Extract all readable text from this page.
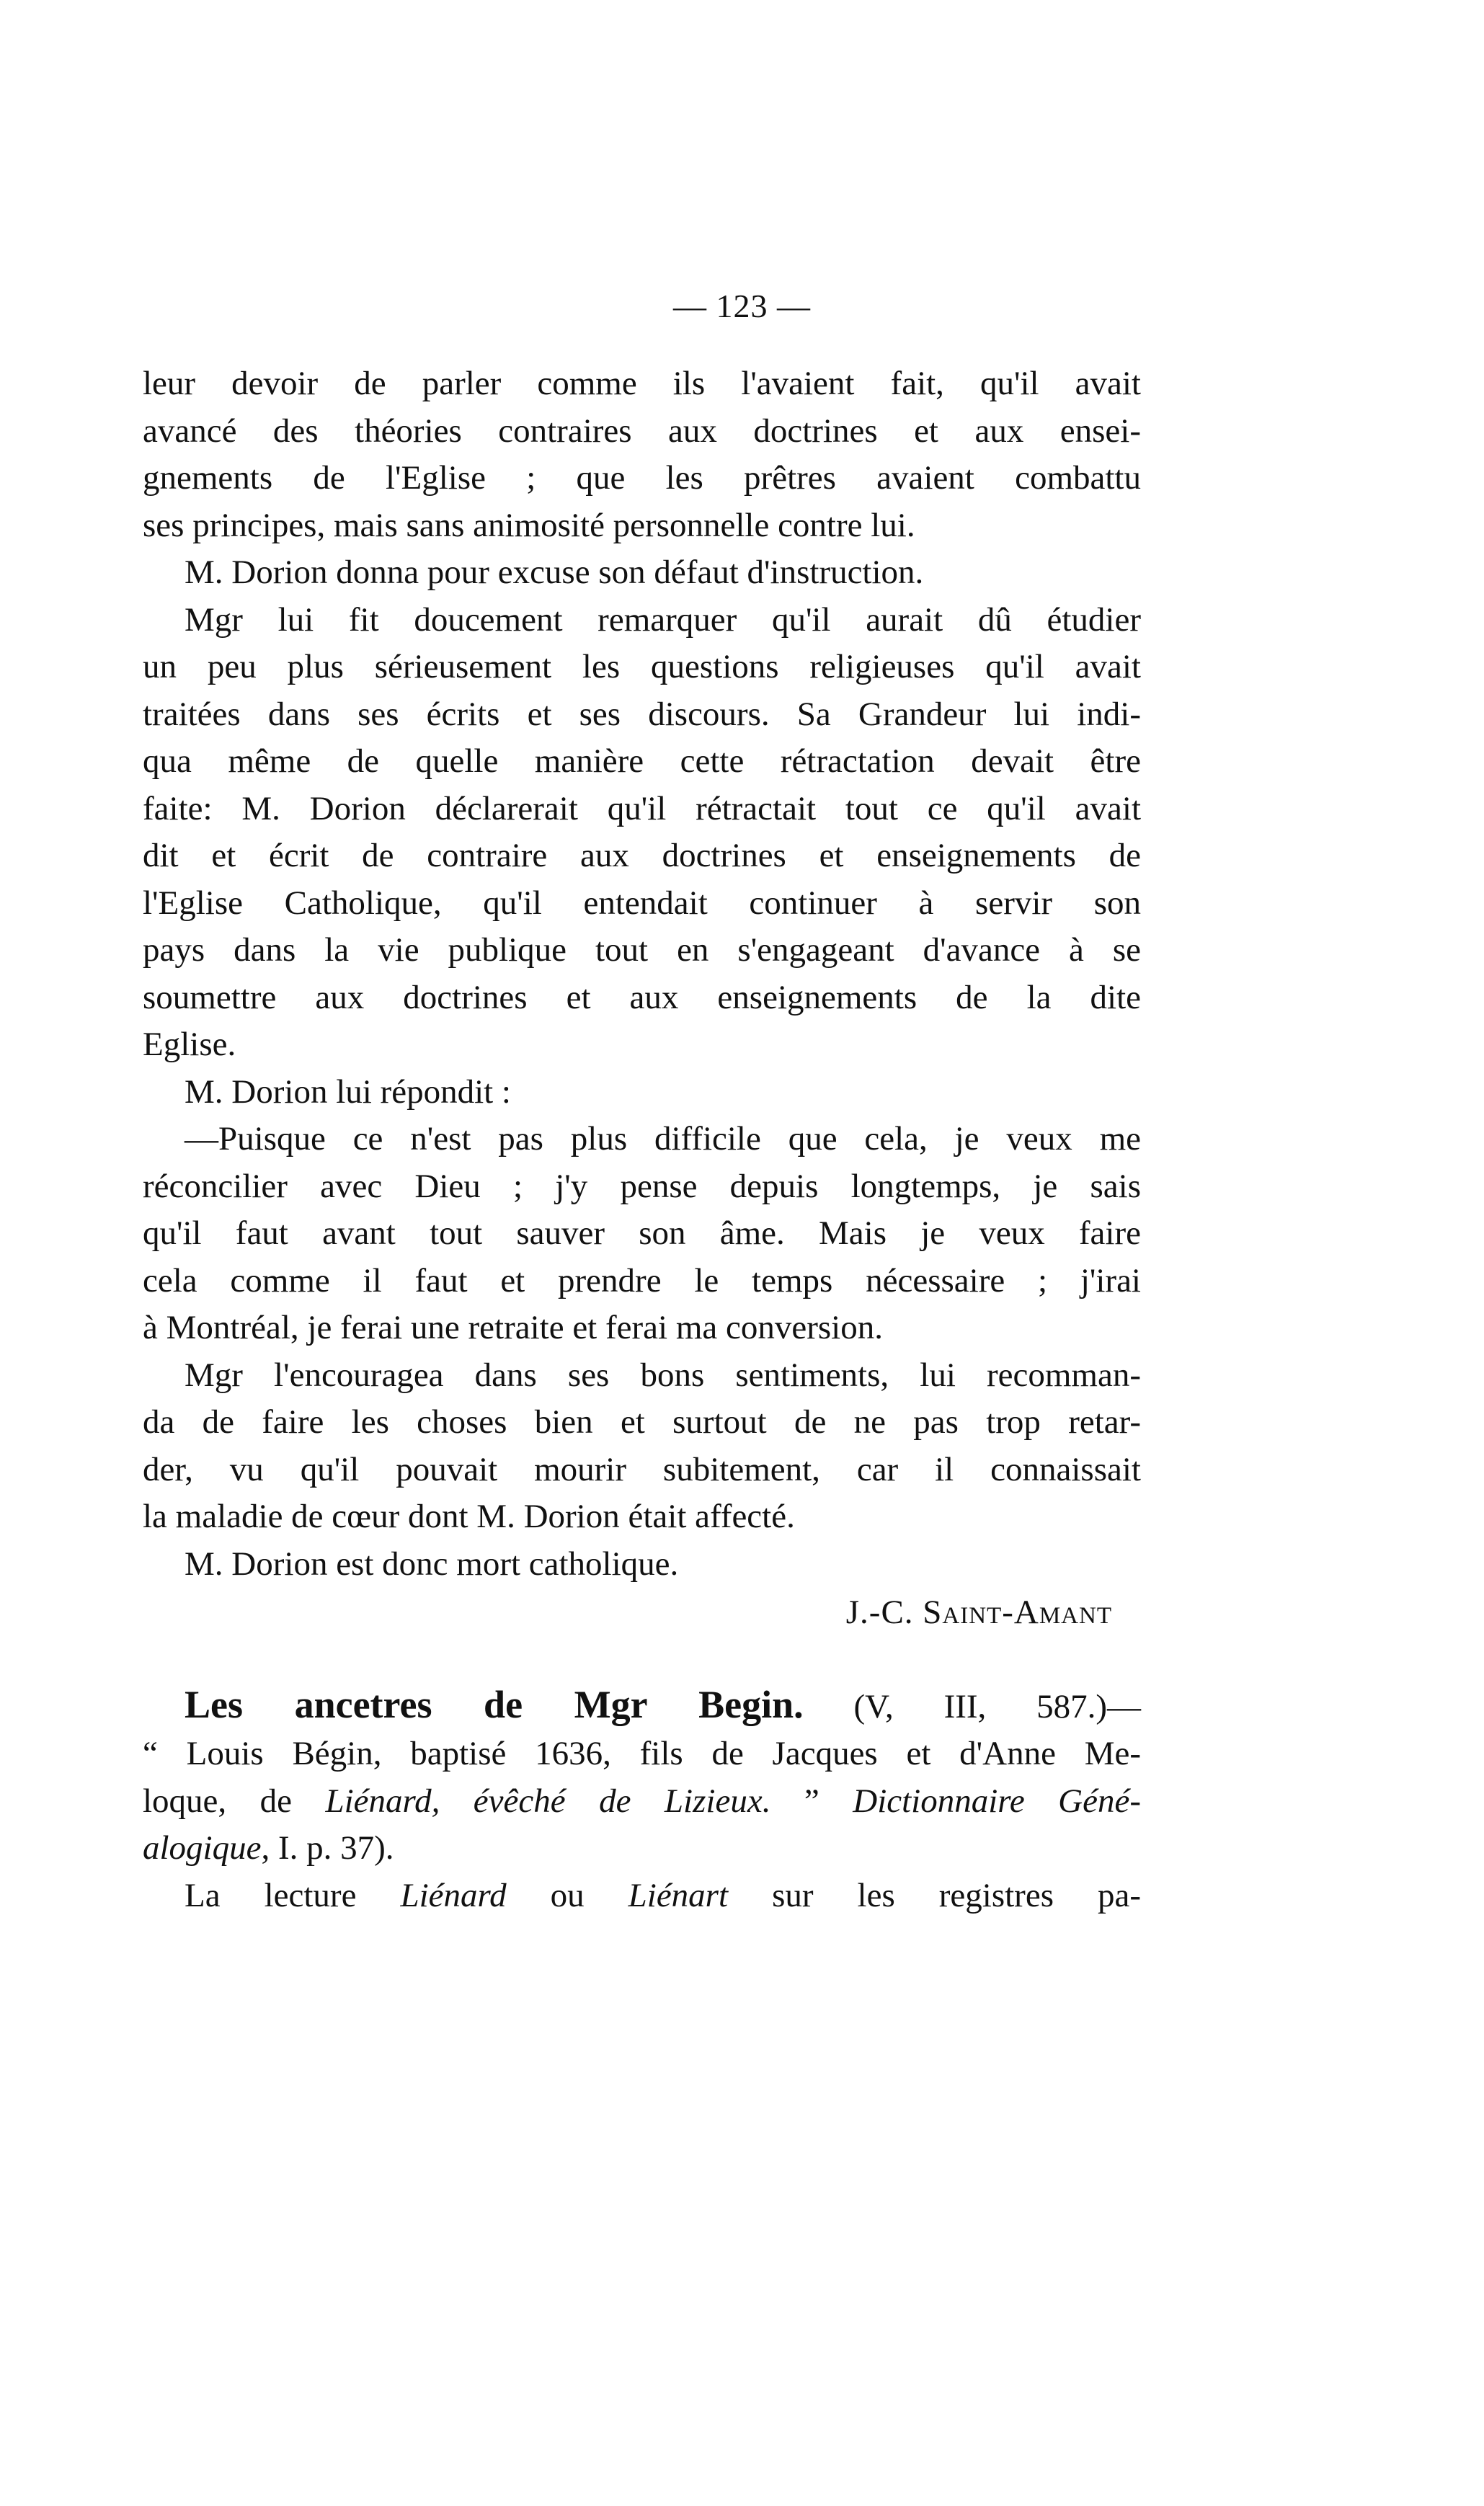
— 123 —
leur devoir de parler comme ils l'avaient fait, qu'il avait
avancé des théories contraires aux doctrines et aux ensei-
gnements de l'Eglise ; que les prêtres avaient combattu
ses principes, mais sans animosité personnelle contre lui.
M. Dorion donna pour excuse son défaut d'instruction.
Mgr lui fit doucement remarquer qu'il aurait dû étudier
un peu plus sérieusement les questions religieuses qu'il avait
traitées dans ses écrits et ses discours. Sa Grandeur lui indi-
qua même de quelle manière cette rétractation devait être
faite: M. Dorion déclarerait qu'il rétractait tout ce qu'il avait
dit et écrit de contraire aux doctrines et enseignements de
l'Eglise Catholique, qu'il entendait continuer à servir son
pays dans la vie publique tout en s'engageant d'avance à se
soumettre aux doctrines et aux enseignements de la dite
Eglise.
M. Dorion lui répondit :
—Puisque ce n'est pas plus difficile que cela, je veux me
réconcilier avec Dieu ; j'y pense depuis longtemps, je sais
qu'il faut avant tout sauver son âme. Mais je veux faire
cela comme il faut et prendre le temps nécessaire ; j'irai
à Montréal, je ferai une retraite et ferai ma conversion.
Mgr l'encouragea dans ses bons sentiments, lui recomman-
da de faire les choses bien et surtout de ne pas trop retar-
der, vu qu'il pouvait mourir subitement, car il connaissait
la maladie de cœur dont M. Dorion était affecté.
M. Dorion est donc mort catholique.
J.-C. Saint-Amant
Les ancetres de Mgr Begin. (V, III, 587.)—
“ Louis Bégin, baptisé 1636, fils de Jacques et d'Anne Me-
loque, de Liénard, évêché de Lizieux. ” Dictionnaire Géné-
alogique, I. p. 37).
La lecture Liénard ou Liénart sur les registres pa-
